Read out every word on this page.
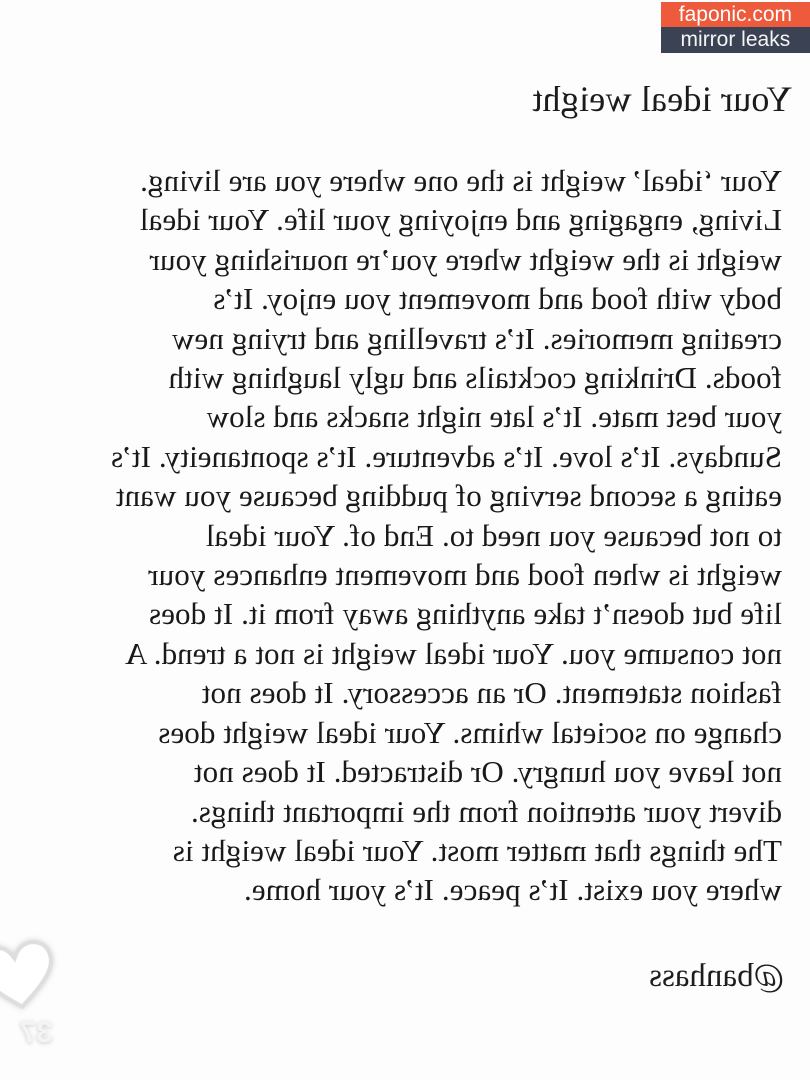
Your ideal weight
Your ‘ideal’ weight is the one where you are living.
Living, engaging and enjoying your life. Your ideal
weight is the weight where you’re nourishing your
body with food and movement you enjoy. It’s
creating memories. It’s travelling and trying new
foods. Drinking cocktails and ugly laughing with
your best mate. It’s late night snacks and slow
Sundays. It’s love. It’s adventure. It’s spontaneity. It’s
eating a second serving of pudding because you want
to not because you need to. End of. Your ideal
weight is when food and movement enhances your
life but doesn’t take anything away from it. It does
not consume you. Your ideal weight is not a trend. A
fashion statement. Or an accessory. It does not
change on societal whims. Your ideal weight does
not leave you hungry. Or distracted. It does not
divert your attention from the important things.
The things that matter most. Your ideal weight is
where you exist. It’s peace. It’s your home.
@banhass
37
faponic.com
mirror leaks
